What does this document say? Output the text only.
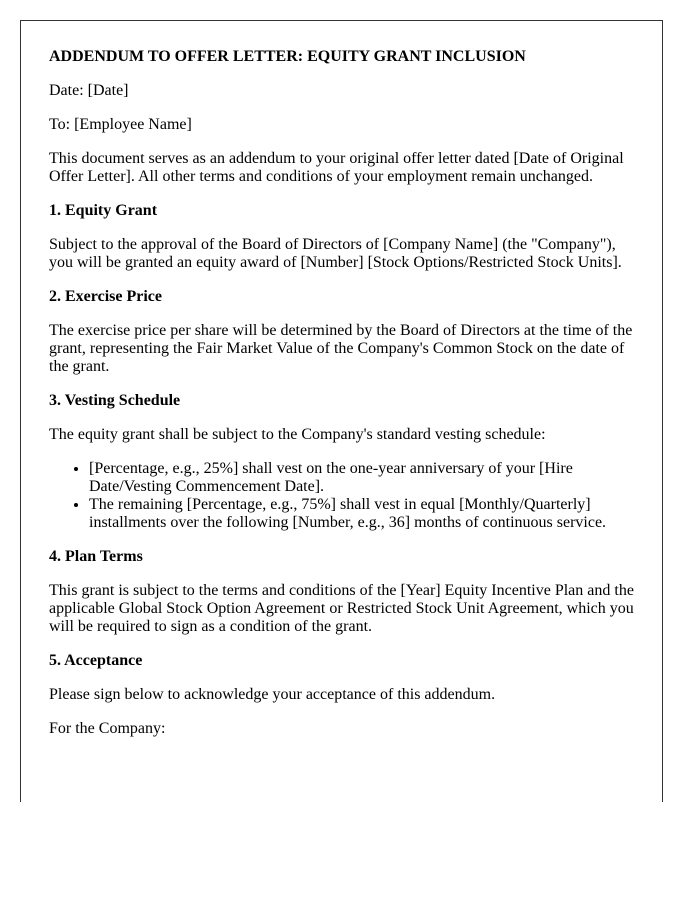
ADDENDUM TO OFFER LETTER: EQUITY GRANT INCLUSION

Date: [Date]

To: [Employee Name]

This document serves as an addendum to your original offer letter dated [Date of Original Offer Letter]. All other terms and conditions of your employment remain unchanged.

1. Equity Grant

Subject to the approval of the Board of Directors of [Company Name] (the "Company"), you will be granted an equity award of [Number] [Stock Options/Restricted Stock Units].

2. Exercise Price

The exercise price per share will be determined by the Board of Directors at the time of the grant, representing the Fair Market Value of the Company's Common Stock on the date of the grant.

3. Vesting Schedule

The equity grant shall be subject to the Company's standard vesting schedule:

• [Percentage, e.g., 25%] shall vest on the one-year anniversary of your [Hire Date/Vesting Commencement Date].
• The remaining [Percentage, e.g., 75%] shall vest in equal [Monthly/Quarterly] installments over the following [Number, e.g., 36] months of continuous service.
4. Plan Terms

This grant is subject to the terms and conditions of the [Year] Equity Incentive Plan and the applicable Global Stock Option Agreement or Restricted Stock Unit Agreement, which you will be required to sign as a condition of the grant.

5. Acceptance

Please sign below to acknowledge your acceptance of this addendum.

For the Company:
